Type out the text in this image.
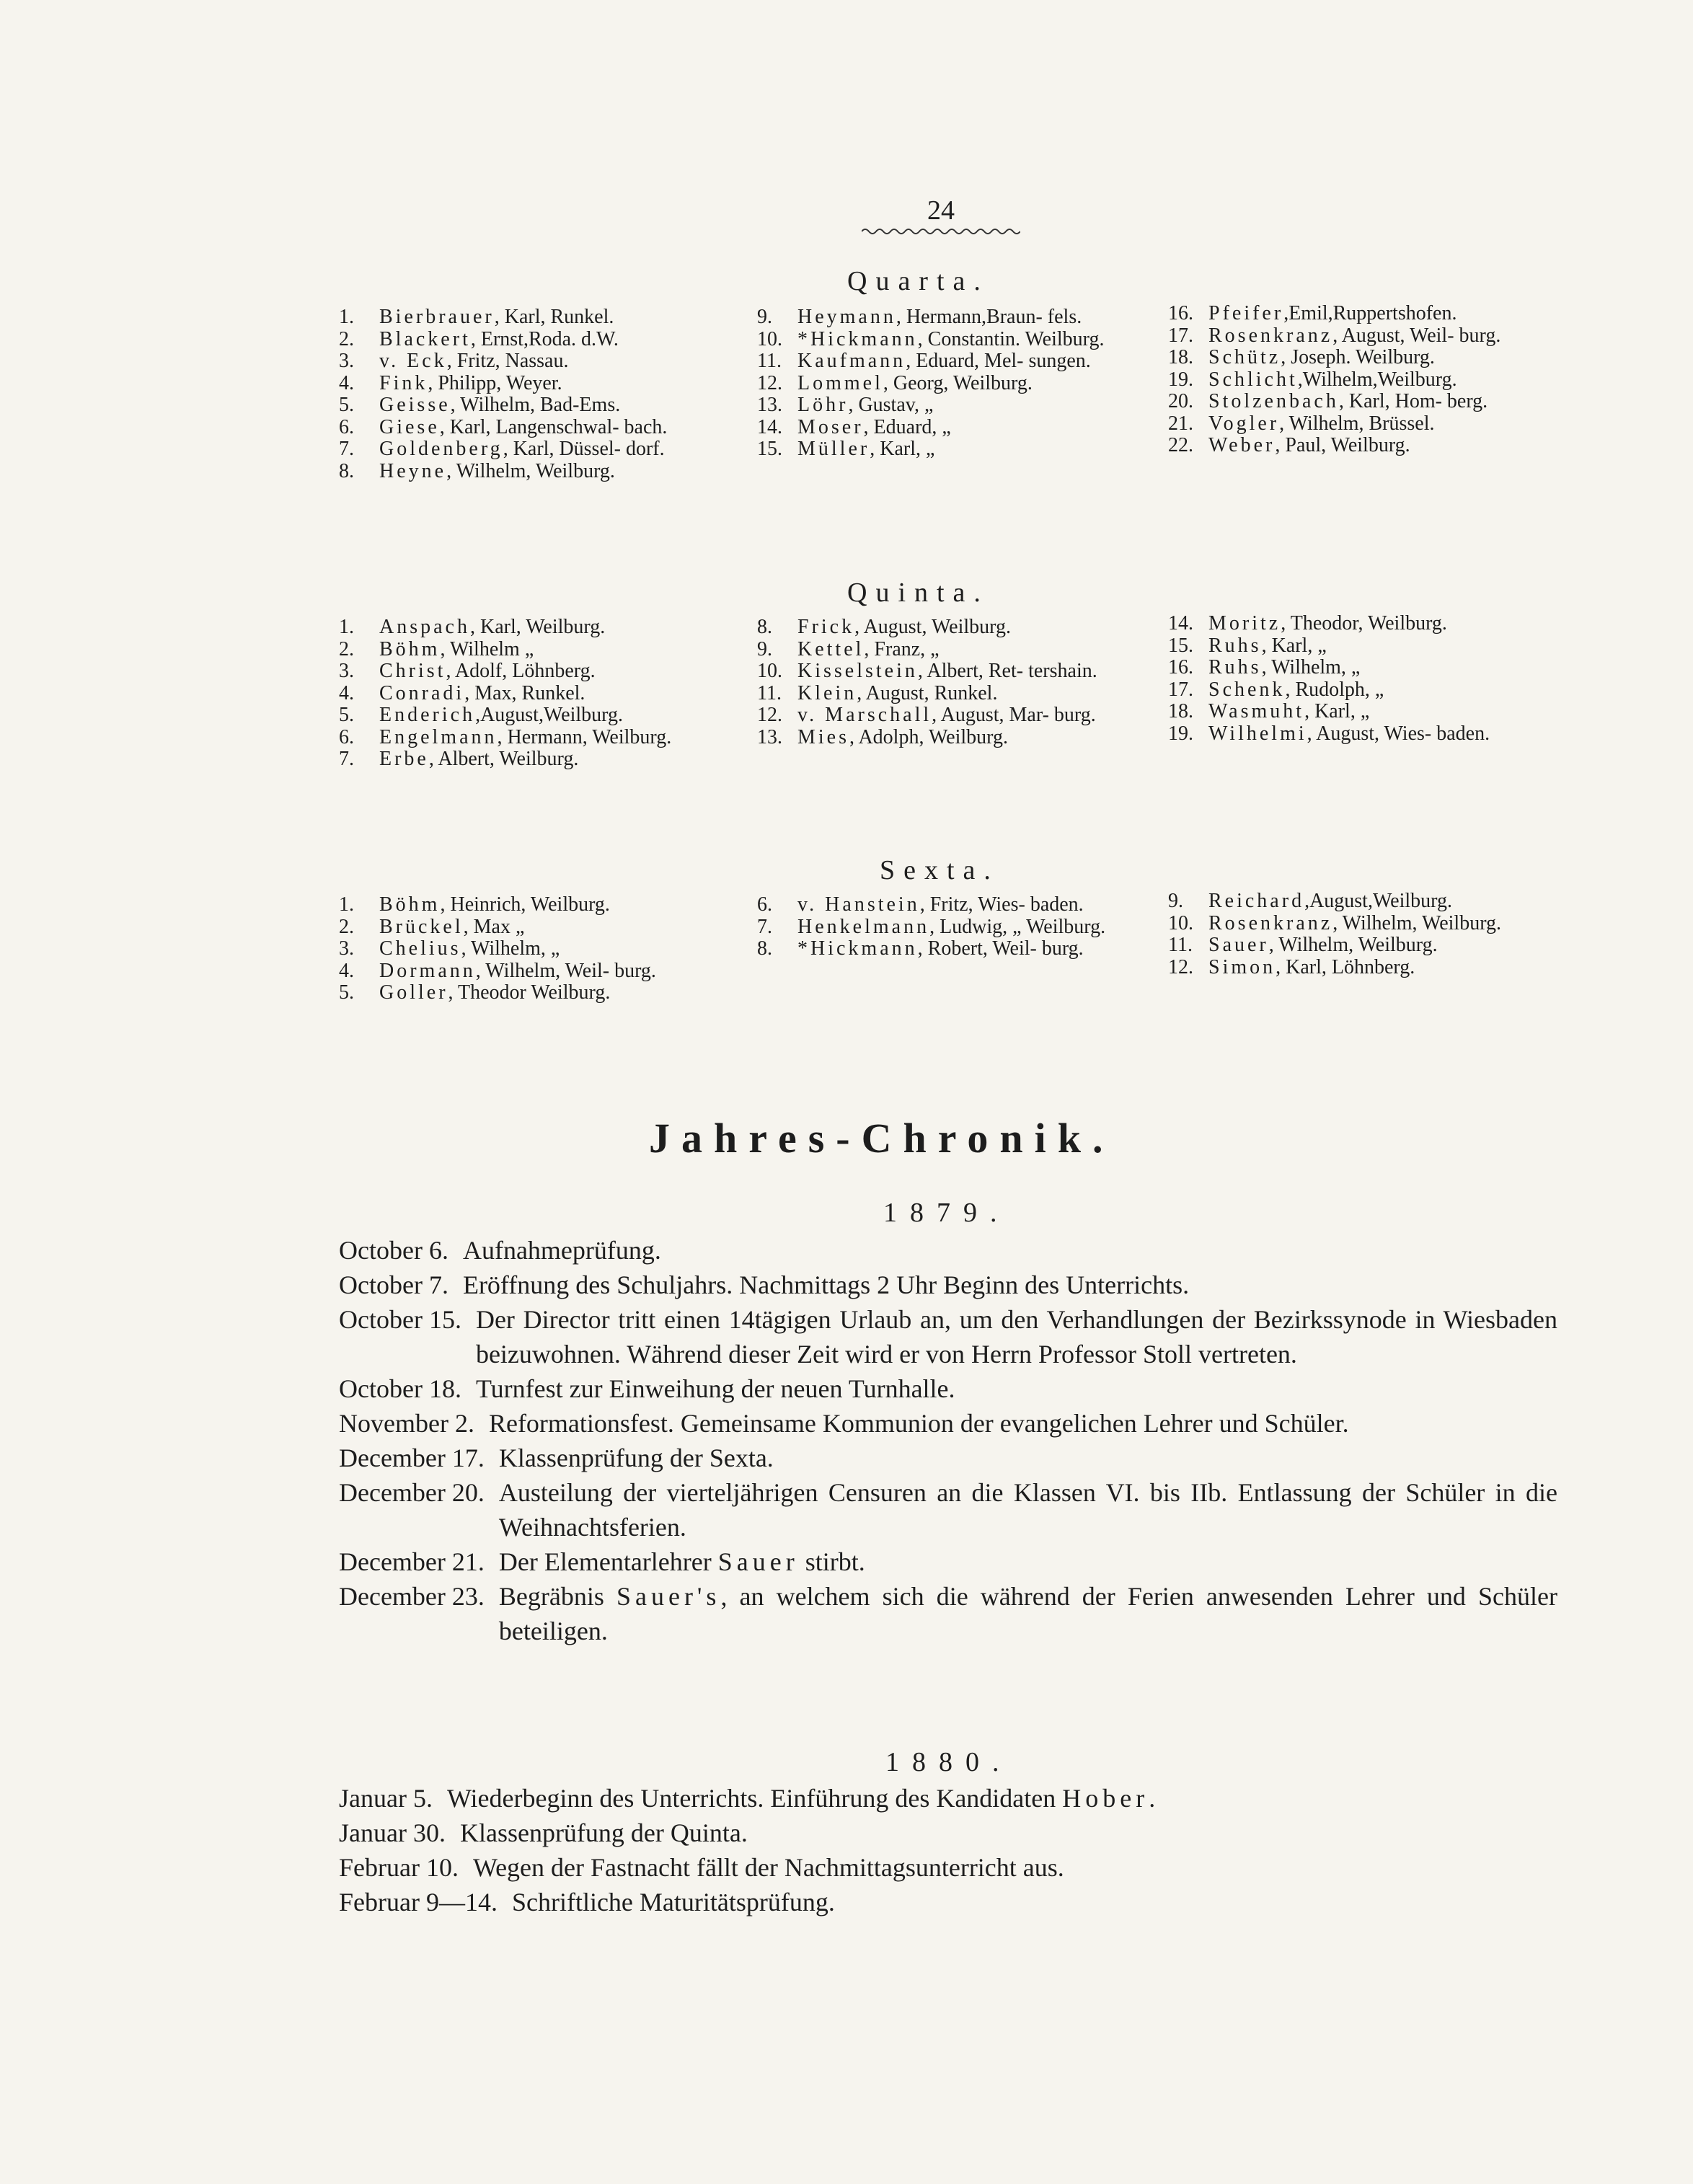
24
Quarta.

1. Bierbrauer, Karl, Runkel.

2. Blackert, Ernst,Roda. d.W.

3. v. Eck, Fritz, Nassau.

4. Fink, Philipp, Weyer.

5. Geisse, Wilhelm, Bad-Ems.

6. Giese, Karl, Langenschwal- bach.

7. Goldenberg, Karl, Düssel- dorf.

8. Heyne, Wilhelm, Weilburg.

9. Heymann, Hermann,Braun- fels.

10. *Hickmann, Constantin. Weilburg.

11. Kaufmann, Eduard, Mel- sungen.

12. Lommel, Georg, Weilburg.

13. Löhr, Gustav, „

14. Moser, Eduard, „

15. Müller, Karl, „

16. Pfeifer,Emil,Ruppertshofen.

17. Rosenkranz, August, Weil- burg.

18. Schütz, Joseph. Weilburg.

19. Schlicht,Wilhelm,Weilburg.

20. Stolzenbach, Karl, Hom- berg.

21. Vogler, Wilhelm, Brüssel.

22. Weber, Paul, Weilburg.

Quinta.

1. Anspach, Karl, Weilburg.

2. Böhm, Wilhelm „

3. Christ, Adolf, Löhnberg.

4. Conradi, Max, Runkel.

5. Enderich,August,Weilburg.

6. Engelmann, Hermann, Weilburg.

7. Erbe, Albert, Weilburg.

8. Frick, August, Weilburg.

9. Kettel, Franz, „

10. Kisselstein, Albert, Ret- tershain.

11. Klein, August, Runkel.

12. v. Marschall, August, Mar- burg.

13. Mies, Adolph, Weilburg.

14. Moritz, Theodor, Weilburg.

15. Ruhs, Karl, „

16. Ruhs, Wilhelm, „

17. Schenk, Rudolph, „

18. Wasmuht, Karl, „

19. Wilhelmi, August, Wies- baden.

Sexta.

1. Böhm, Heinrich, Weilburg.

2. Brückel, Max „

3. Chelius, Wilhelm, „

4. Dormann, Wilhelm, Weil- burg.

5. Goller, Theodor Weilburg.

6. v. Hanstein, Fritz, Wies- baden.

7. Henkelmann, Ludwig, „ Weilburg.

8. *Hickmann, Robert, Weil- burg.

9. Reichard,August,Weilburg.

10. Rosenkranz, Wilhelm, Weilburg.

11. Sauer, Wilhelm, Weilburg.

12. Simon, Karl, Löhnberg.

Jahres-Chronik.
1879.
October 6. Aufnahmeprüfung.
October 7. Eröffnung des Schuljahrs. Nachmittags 2 Uhr Beginn des Unterrichts.
October 15. Der Director tritt einen 14tägigen Urlaub an, um den Verhandlungen der Bezirkssynode in Wiesbaden beizuwohnen. Während dieser Zeit wird er von Herrn Professor Stoll vertreten.
October 18. Turnfest zur Einweihung der neuen Turnhalle.
November 2. Reformationsfest. Gemeinsame Kommunion der evangelichen Lehrer und Schüler.
December 17. Klassenprüfung der Sexta.
December 20. Austeilung der vierteljährigen Censuren an die Klassen VI. bis IIb. Entlassung der Schüler in die Weihnachtsferien.
December 21. Der Elementarlehrer Sauer stirbt.
December 23. Begräbnis Sauer's, an welchem sich die während der Ferien anwesenden Lehrer und Schüler beteiligen.
1880.
Januar 5. Wiederbeginn des Unterrichts. Einführung des Kandidaten Hober.
Januar 30. Klassenprüfung der Quinta.
Februar 10. Wegen der Fastnacht fällt der Nachmittagsunterricht aus.
Februar 9—14. Schriftliche Maturitätsprüfung.
